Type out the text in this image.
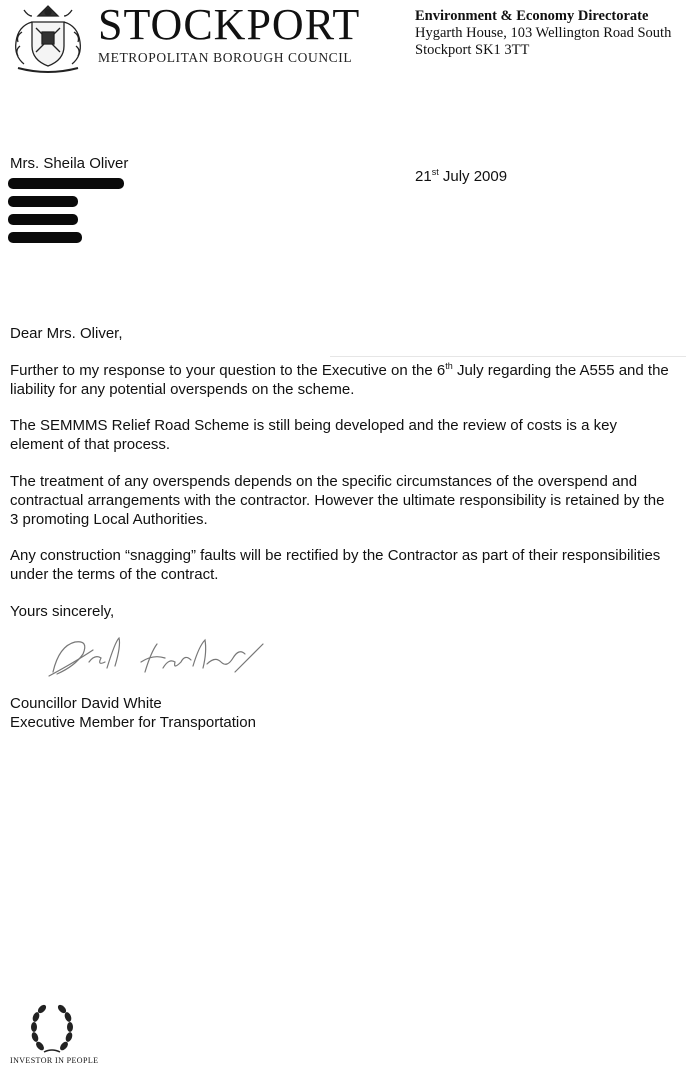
STOCKPORT
METROPOLITAN BOROUGH COUNCIL
Environment & Economy Directorate
Hygarth House, 103 Wellington Road South
Stockport SK1 3TT
Mrs. Sheila Oliver
21st July 2009

Dear Mrs. Oliver,

Further to my response to your question to the Executive on the 6th July regarding the A555 and the liability for any potential overspends on the scheme.

The SEMMMS Relief Road Scheme is still being developed and the review of costs is a key element of that process.

The treatment of any overspends depends on the specific circumstances of the overspend and contractual arrangements with the contractor. However the ultimate responsibility is retained by the 3 promoting Local Authorities.

Any construction “snagging” faults will be rectified by the Contractor as part of their responsibilities under the terms of the contract.

Yours sincerely,

Councillor David White
Executive Member for Transportation
INVESTOR IN PEOPLE
